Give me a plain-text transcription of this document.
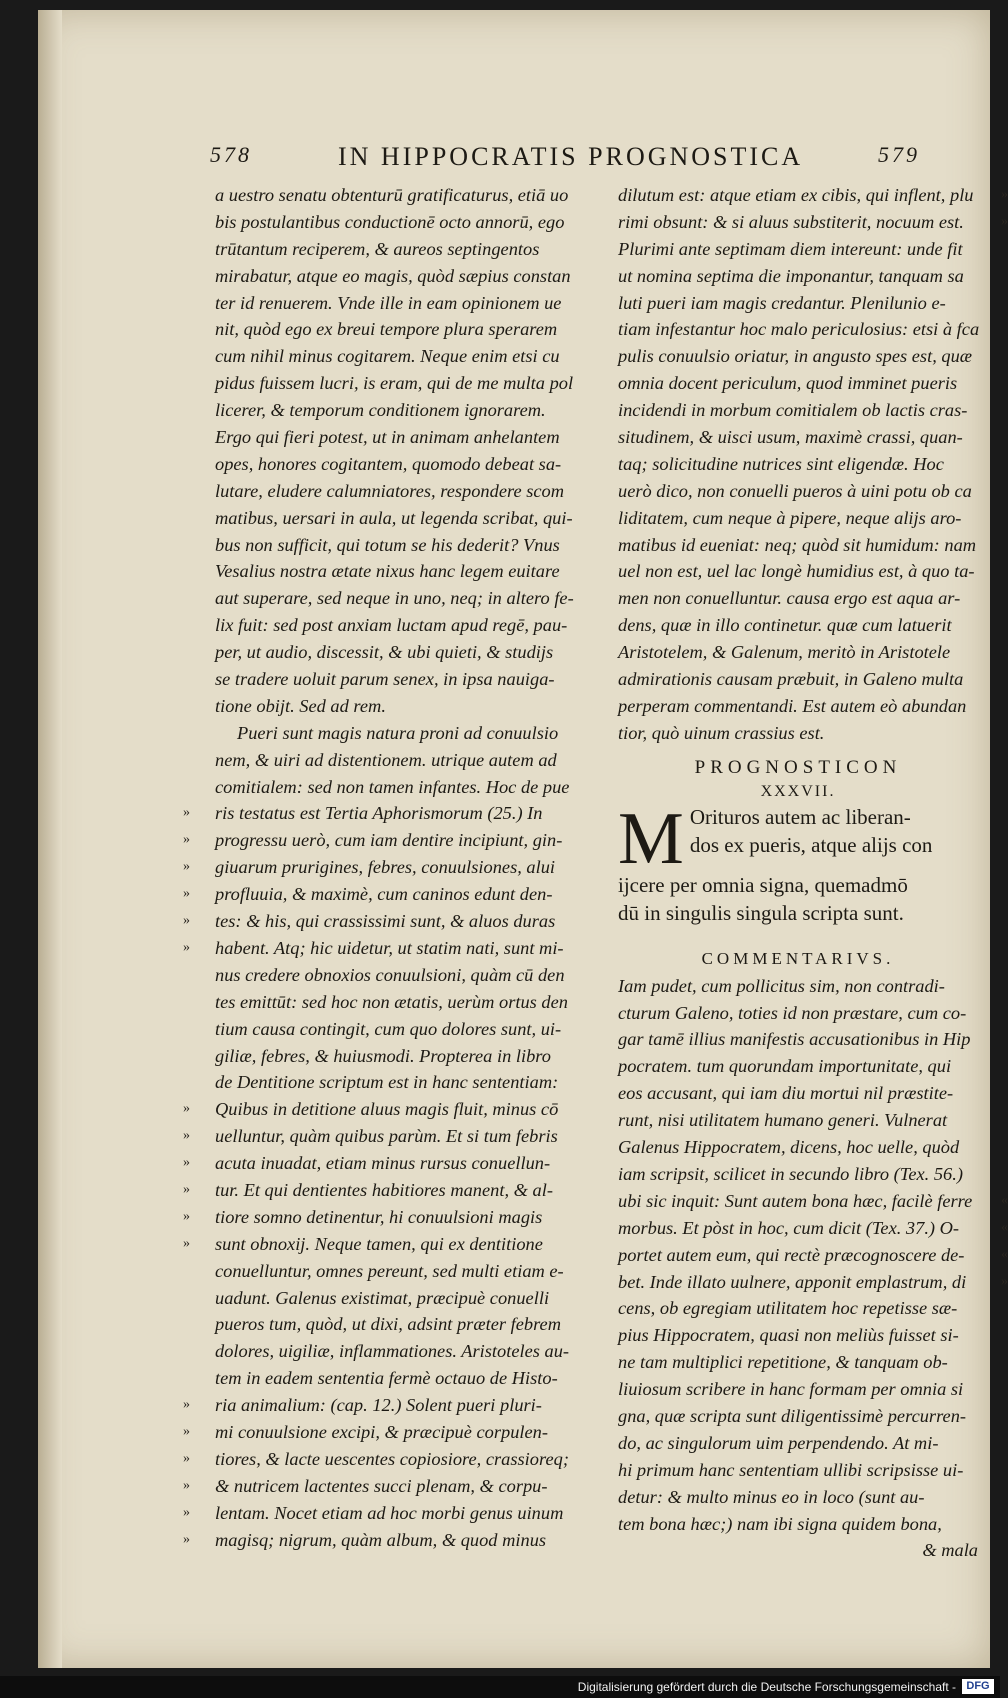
578	IN HIPPOCRATIS PROGNOSTICA	579
a uestro senatu obtenturū gratificaturus, etiā uo
bis postulantibus conductionē octo annorū, ego
trūtantum reciperem, & aureos septingentos
mirabatur, atque eo magis, quòd sæpius constan
ter id renuerem. Vnde ille in eam opinionem ue
nit, quòd ego ex breui tempore plura sperarem
cum nihil minus cogitarem. Neque enim etsi cu
pidus fuissem lucri, is eram, qui de me multa pol
licerer, & temporum conditionem ignorarem.
Ergo qui fieri potest, ut in animam anhelantem
opes, honores cogitantem, quomodo debeat sa-
lutare, eludere calumniatores, respondere scom
matibus, uersari in aula, ut legenda scribat, qui-
bus non sufficit, qui totum se his dederit? Vnus
Vesalius nostra ætate nixus hanc legem euitare
aut superare, sed neque in uno, neq; in altero fe-
lix fuit: sed post anxiam luctam apud regē, pau-
per, ut audio, discessit, & ubi quieti, & studijs
se tradere uoluit parum senex, in ipsa nauiga-
tione obijt. Sed ad rem.
Pueri sunt magis natura proni ad conuulsio
nem, & uiri ad distentionem. utrique autem ad
comitialem: sed non tamen infantes. Hoc de pue
ris testatus est Tertia Aphorismorum (25.) In
»
progressu uerò, cum iam dentire incipiunt, gin-
»
giuarum prurigines, febres, conuulsiones, alui
»
profluuia, & maximè, cum caninos edunt den-
»
tes: & his, qui crassissimi sunt, & aluos duras
»
habent. Atq; hic uidetur, ut statim nati, sunt mi-
»
nus credere obnoxios conuulsioni, quàm cū den
tes emittūt: sed hoc non ætatis, uerùm ortus den
tium causa contingit, cum quo dolores sunt, ui-
giliæ, febres, & huiusmodi. Propterea in libro
de Dentitione scriptum est in hanc sententiam:
Quibus in detitione aluus magis fluit, minus cō
»
uelluntur, quàm quibus parùm. Et si tum febris
»
acuta inuadat, etiam minus rursus conuellun-
»
tur. Et qui dentientes habitiores manent, & al-
»
tiore somno detinentur, hi conuulsioni magis
»
sunt obnoxij. Neque tamen, qui ex dentitione
»
conuelluntur, omnes pereunt, sed multi etiam e-
uadunt. Galenus existimat, præcipuè conuelli
pueros tum, quòd, ut dixi, adsint præter febrem
dolores, uigiliæ, inflammationes. Aristoteles au-
tem in eadem sententia fermè octauo de Histo-
ria animalium: (cap. 12.) Solent pueri pluri-
»
mi conuulsione excipi, & præcipuè corpulen-
»
tiores, & lacte uescentes copiosiore, crassioreq;
»
& nutricem lactentes succi plenam, & corpu-
»
lentam. Nocet etiam ad hoc morbi genus uinum
»
magisq; nigrum, quàm album, & quod minus
»
dilutum est: atque etiam ex cibis, qui inflent, plu »
rimi obsunt: & si aluus substiterit, nocuum est.	»
Plurimi ante septimam diem intereunt: unde fit
ut nomina septima die imponantur, tanquam sa
luti pueri iam magis credantur. Plenilunio e-
tiam infestantur hoc malo periculosius: etsi à fca
pulis conuulsio oriatur, in angusto spes est, quæ
omnia docent periculum, quod imminet pueris
incidendi in morbum comitialem ob lactis cras-
situdinem, & uisci usum, maximè crassi, quan-
taq; solicitudine nutrices sint eligendæ. Hoc
uerò dico, non conuelli pueros à uini potu ob ca
liditatem, cum neque à pipere, neque alijs aro-
matibus id eueniat: neq; quòd sit humidum: nam
uel non est, uel lac longè humidius est, à quo ta-
men non conuelluntur. causa ergo est aqua ar-
dens, quæ in illo continetur. quæ cum latuerit
Aristotelem, & Galenum, meritò in Aristotele
admirationis causam præbuit, in Galeno multa
perperam commentandi. Est autem eò abundan
tior, quò uinum crassius est.
PROGNOSTICON
XXXVII.
M Orituros autem ac liberan-
dos ex pueris, atque alijs con
ijcere per omnia signa, quemadmō
dū in singulis singula scripta sunt.
COMMENTARIVS.
Iam pudet, cum pollicitus sim, non contradi-
cturum Galeno, toties id non præstare, cum co-
gar tamē illius manifestis accusationibus in Hip
pocratem. tum quorundam importunitate, qui
eos accusant, qui iam diu mortui nil præstite-
runt, nisi utilitatem humano generi. Vulnerat
Galenus Hippocratem, dicens, hoc uelle, quòd
iam scripsit, scilicet in secundo libro (Tex. 56.)
ubi sic inquit: Sunt autem bona hæc, facilè ferre «
morbus. Et pòst in hoc, cum dicit (Tex. 37.) O-	«
portet autem eum, qui rectè præcognoscere de-	«
bet. Inde illato uulnere, apponit emplastrum, di »
cens, ob egregiam utilitatem hoc repetisse sæ-
pius Hippocratem, quasi non meliùs fuisset si-
ne tam multiplici repetitione, & tanquam ob-
liuiosum scribere in hanc formam per omnia si
gna, quæ scripta sunt diligentissimè percurren-
do, ac singulorum uim perpendendo. At mi-
hi primum hanc sententiam ullibi scripsisse ui-
detur: & multo minus eo in loco (sunt au-
tem bona hæc;) nam ibi signa quidem bona,
& mala
Digitalisierung gefördert durch die Deutsche Forschungsgemeinschaft - DFG
